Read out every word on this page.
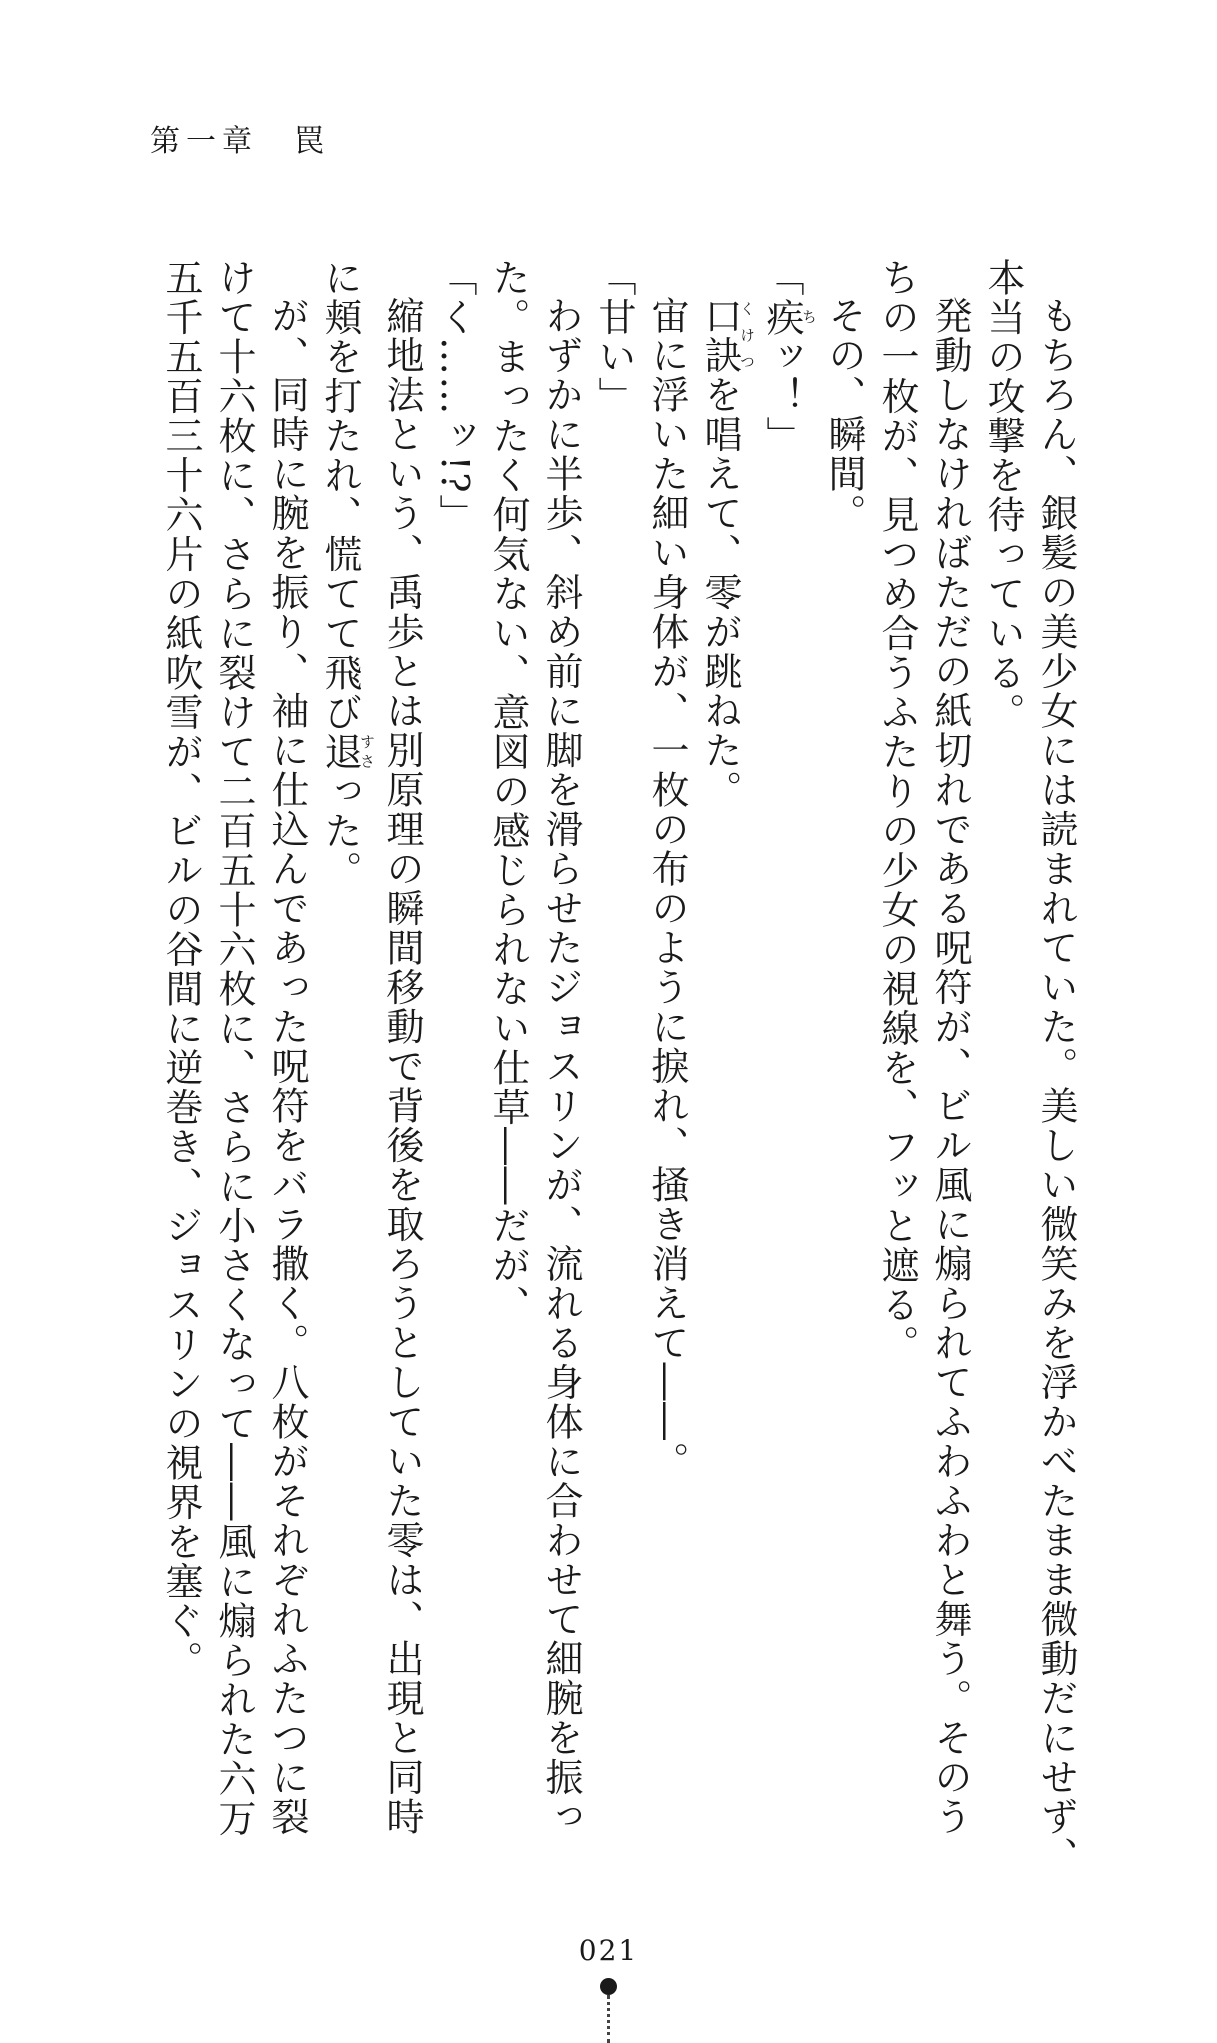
第一章　罠
もちろん、銀髪の美少女には読まれていた。美しい微笑みを浮かべたまま微動だにせず、
本当の攻撃を待っている。
発動しなければただの紙切れである呪符が、ビル風に煽られてふわふわと舞う。そのう
ちの一枚が、見つめ合うふたりの少女の視線を、フッと遮る。
その、瞬間。
「疾ちッ！」
口訣くけつを唱えて、零が跳ねた。
宙に浮いた細い身体が、一枚の布のように捩れ、掻き消えて――。
「甘い」
わずかに半歩、斜め前に脚を滑らせたジョスリンが、流れる身体に合わせて細腕を振っ
た。まったく何気ない、意図の感じられない仕草――だが、
「く……ッ!?」
縮地法という、禹歩とは別原理の瞬間移動で背後を取ろうとしていた零は、出現と同時
に頬を打たれ、慌てて飛び退すさった。
が、同時に腕を振り、袖に仕込んであった呪符をバラ撒く。八枚がそれぞれふたつに裂
けて十六枚に、さらに裂けて二百五十六枚に、さらに小さくなって――風に煽られた六万
五千五百三十六片の紙吹雪が、ビルの谷間に逆巻き、ジョスリンの視界を塞ぐ。
021
